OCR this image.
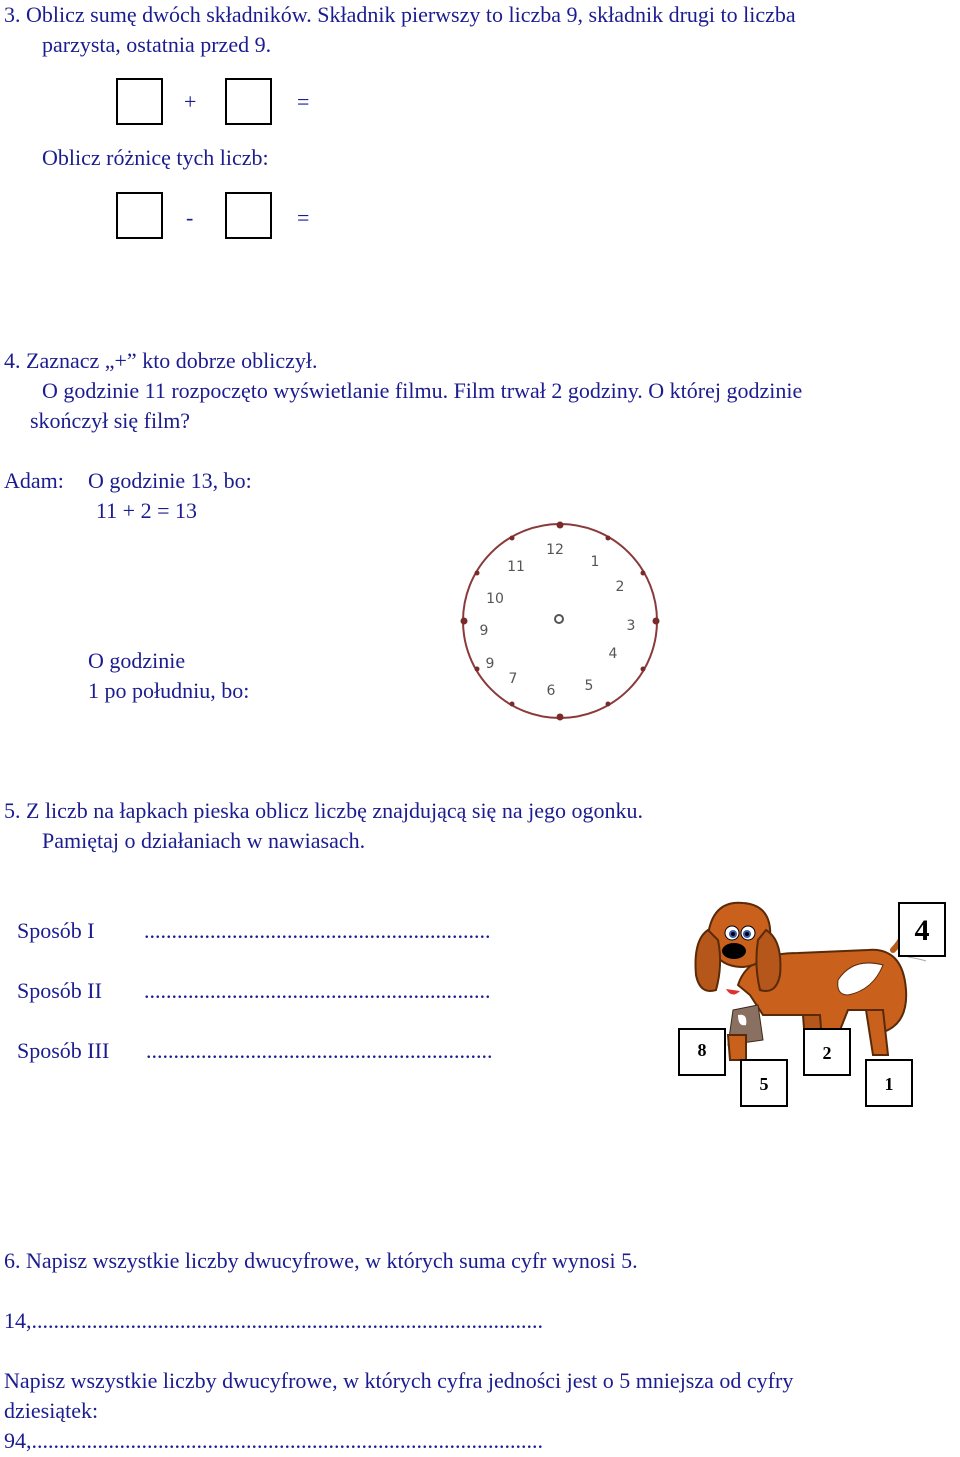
3. Oblicz sumę dwóch składników. Składnik pierwszy to liczba 9, składnik drugi to liczba
parzysta, ostatnia przed 9.
+	=
Oblicz różnicę tych liczb:
-	=
4. Zaznacz „+” kto dobrze obliczył.
O godzinie 11 rozpoczęto wyświetlanie filmu. Film trwał 2 godziny. O której godzinie
skończył się film?
Adam: O godzinie 13, bo:
11 + 2 = 13
O godzinie
1 po południu, bo:
12
1
2
3
4
5
6
7
9
9
10
11
5. Z liczb na łapkach pieska oblicz liczbę znajdującą się na jego ogonku.
Pamiętaj o działaniach w nawiasach.
Sposób I ...............................................................
Sposób II ...............................................................
Sposób III ...............................................................
4
8
5
2
1
6. Napisz wszystkie liczby dwucyfrowe, w których suma cyfr wynosi 5.
14,.............................................................................................
Napisz wszystkie liczby dwucyfrowe, w których cyfra jedności jest o 5 mniejsza od cyfry
dziesiątek:
94,.............................................................................................
